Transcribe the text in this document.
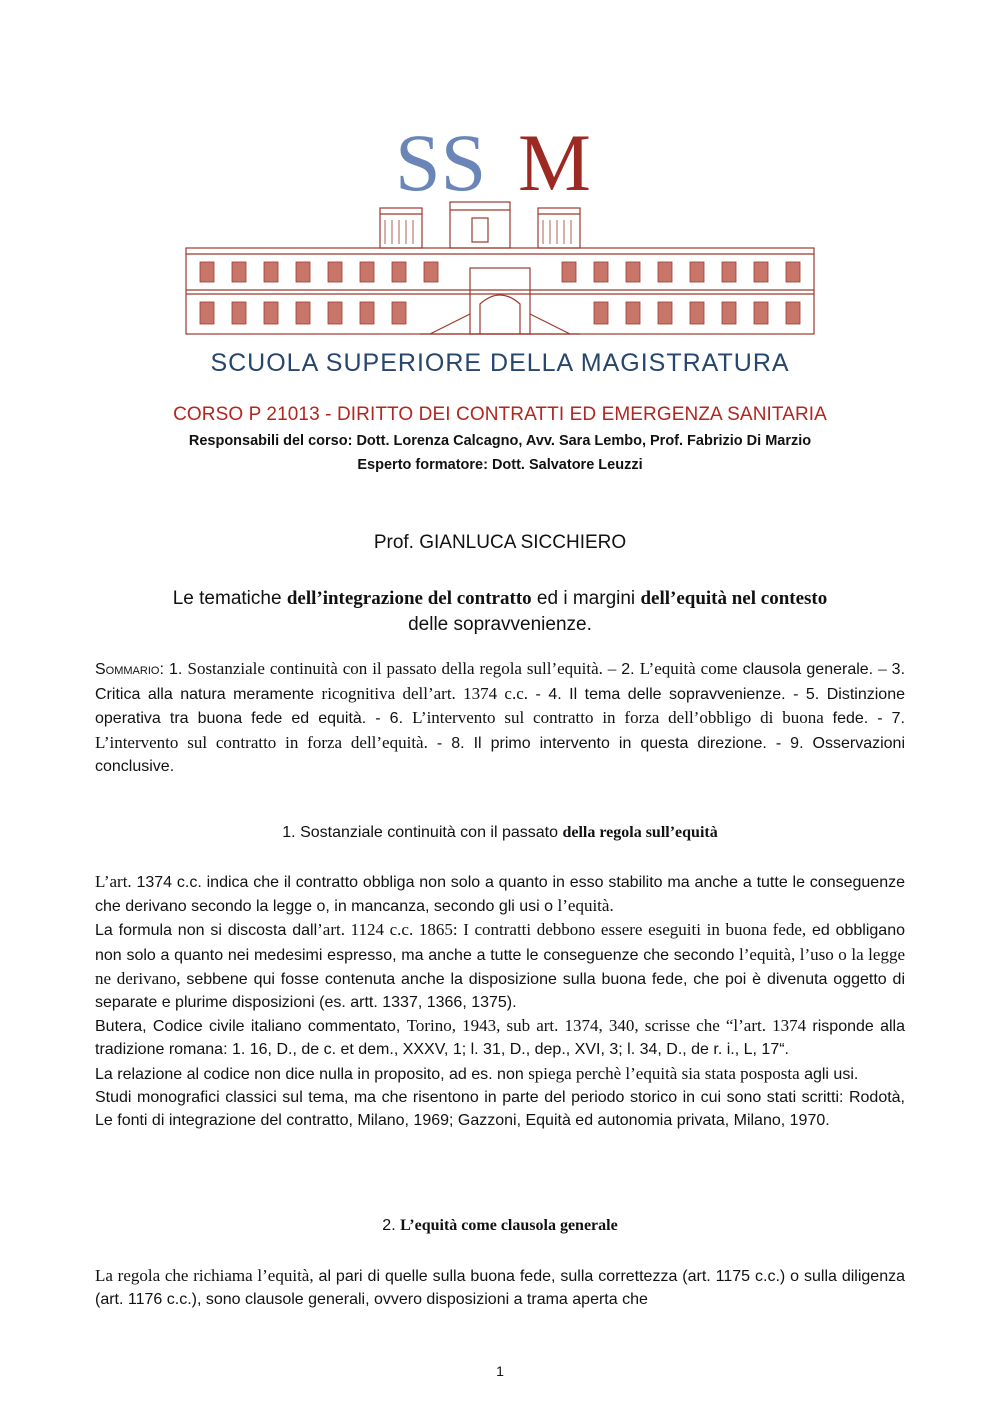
SS M
SCUOLA SUPERIORE DELLA MAGISTRATURA
CORSO P 21013 - DIRITTO DEI CONTRATTI ED EMERGENZA SANITARIA
Responsabili del corso: Dott. Lorenza Calcagno, Avv. Sara Lembo, Prof. Fabrizio Di Marzio
Esperto formatore: Dott. Salvatore Leuzzi
Prof. GIANLUCA SICCHIERO
Le tematiche dell’integrazione del contratto ed i margini dell’equità nel contesto
delle sopravvenienze.
Sommario: 1. Sostanziale continuità con il passato della regola sull’equità. – 2. L’equità come clausola generale. – 3. Critica alla natura meramente ricognitiva dell’art. 1374 c.c. - 4. Il tema delle sopravvenienze. - 5. Distinzione operativa tra buona fede ed equità. - 6. L’intervento sul contratto in forza dell’obbligo di buona fede. - 7. L’intervento sul contratto in forza dell’equità. - 8. Il primo intervento in questa direzione. - 9. Osservazioni conclusive.
1. Sostanziale continuità con il passato della regola sull’equità

L’art. 1374 c.c. indica che il contratto obbliga non solo a quanto in esso stabilito ma anche a tutte le conseguenze che derivano secondo la legge o, in mancanza, secondo gli usi o l’equità.

La formula non si discosta dall’art. 1124 c.c. 1865: I contratti debbono essere eseguiti in buona fede, ed obbligano non solo a quanto nei medesimi espresso, ma anche a tutte le conseguenze che secondo l’equità, l’uso o la legge ne derivano, sebbene qui fosse contenuta anche la disposizione sulla buona fede, che poi è divenuta oggetto di separate e plurime disposizioni (es. artt. 1337, 1366, 1375).

Butera, Codice civile italiano commentato, Torino, 1943, sub art. 1374, 340, scrisse che “l’art. 1374 risponde alla tradizione romana: 1. 16, D., de c. et dem., XXXV, 1; l. 31, D., dep., XVI, 3; l. 34, D., de r. i., L, 17“.

La relazione al codice non dice nulla in proposito, ad es. non spiega perchè l’equità sia stata posposta agli usi.

Studi monografici classici sul tema, ma che risentono in parte del periodo storico in cui sono stati scritti: Rodotà, Le fonti di integrazione del contratto, Milano, 1969; Gazzoni, Equità ed autonomia privata, Milano, 1970.

2. L’equità come clausola generale

La regola che richiama l’equità, al pari di quelle sulla buona fede, sulla correttezza (art. 1175 c.c.) o sulla diligenza (art. 1176 c.c.), sono clausole generali, ovvero disposizioni a trama aperta che

1
